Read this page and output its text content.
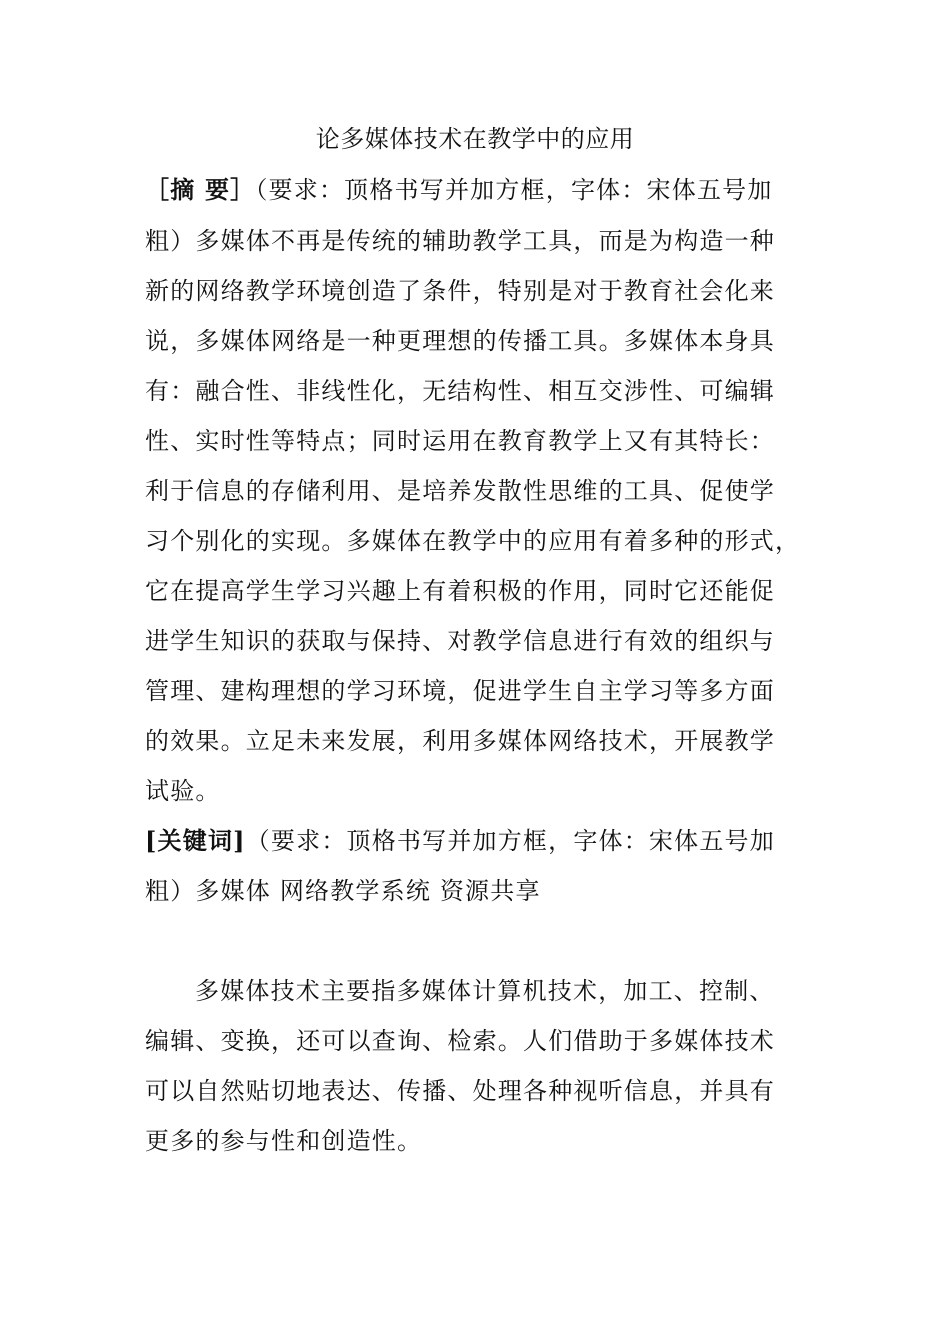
论多媒体技术在教学中的应用
［摘 要］（要求：顶格书写并加方框，字体：宋体五号加
粗）多媒体不再是传统的辅助教学工具，而是为构造一种
新的网络教学环境创造了条件，特别是对于教育社会化来
说，多媒体网络是一种更理想的传播工具。多媒体本身具
有：融合性、非线性化，无结构性、相互交涉性、可编辑
性、实时性等特点；同时运用在教育教学上又有其特长：
利于信息的存储利用、是培养发散性思维的工具、促使学
习个别化的实现。多媒体在教学中的应用有着多种的形式，
它在提高学生学习兴趣上有着积极的作用，同时它还能促
进学生知识的获取与保持、对教学信息进行有效的组织与
管理、建构理想的学习环境，促进学生自主学习等多方面
的效果。立足未来发展，利用多媒体网络技术，开展教学
试验。
[关键词]（要求：顶格书写并加方框，字体：宋体五号加
粗）多媒体 网络教学系统 资源共享
多媒体技术主要指多媒体计算机技术，加工、控制、
编辑、变换，还可以查询、检索。人们借助于多媒体技术
可以自然贴切地表达、传播、处理各种视听信息，并具有
更多的参与性和创造性。
